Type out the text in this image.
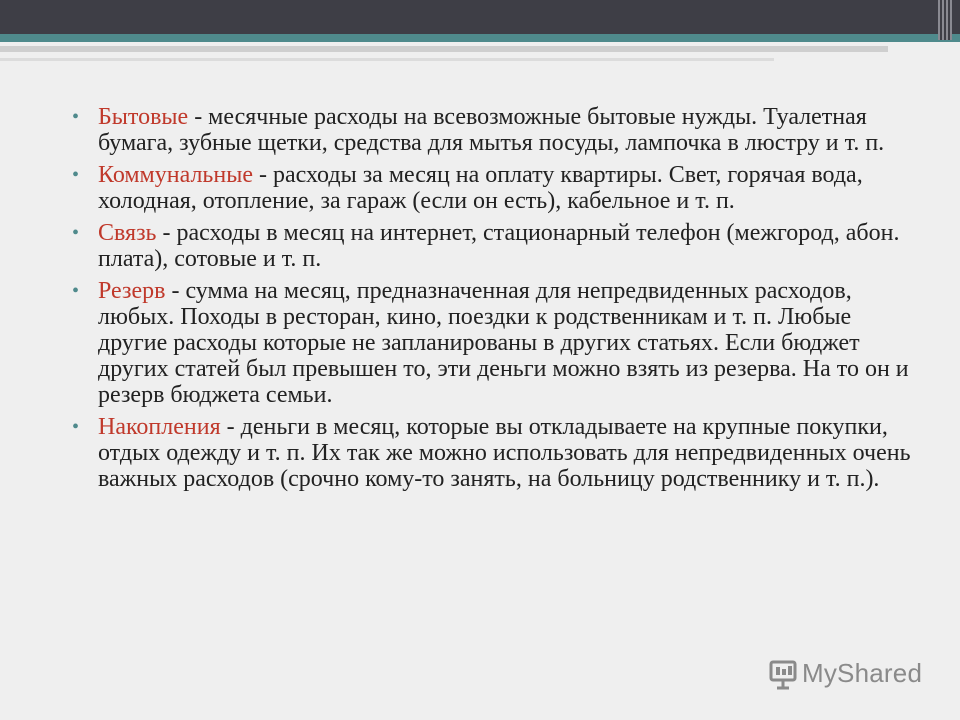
• Бытовые - месячные расходы на всевозможные бытовые нужды. Туалетная бумага, зубные щетки, средства для мытья посуды, лампочка в люстру и т. п.
• Коммунальные - расходы за месяц на оплату квартиры. Свет, горячая вода, холодная, отопление, за гараж (если он есть), кабельное и т. п.
• Связь - расходы в месяц на интернет, стационарный телефон (межгород, абон. плата), сотовые и т. п.
• Резерв - сумма на месяц, предназначенная для непредвиденных расходов, любых. Походы в ресторан, кино, поездки к родственникам и т. п. Любые другие расходы которые не запланированы в других статьях. Если бюджет других статей был превышен то, эти деньги можно взять из резерва. На то он и резерв бюджета семьи.
• Накопления - деньги в месяц, которые вы откладываете на крупные покупки, отдых одежду и т. п. Их так же можно использовать для непредвиденных очень важных расходов (срочно кому-то занять, на больницу родственнику и т. п.).
MyShared
